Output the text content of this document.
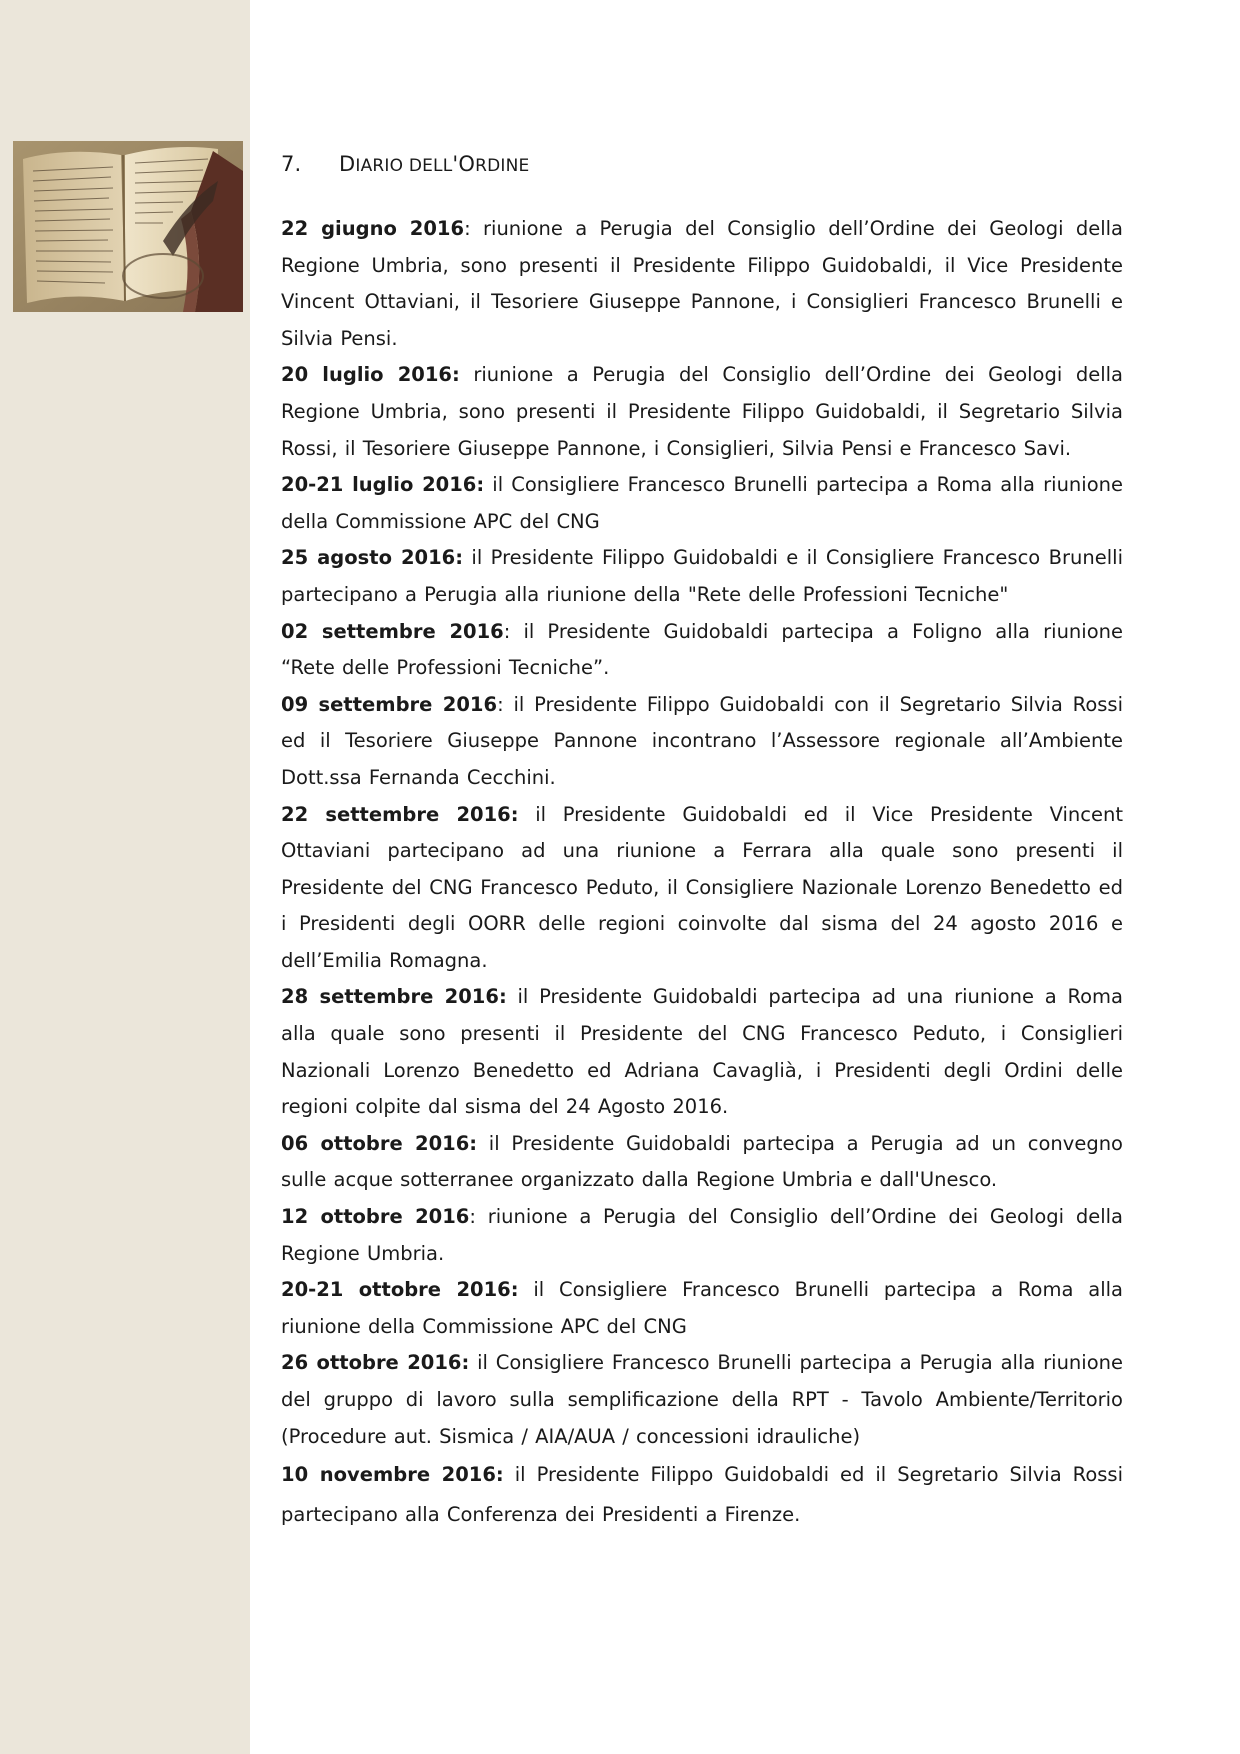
7. DIARIO DELL'ORDINE

22 giugno 2016: riunione a Perugia del Consiglio dell’Ordine dei Geologi della Regione Umbria, sono presenti il Presidente Filippo Guidobaldi, il Vice Presidente Vincent Ottaviani, il Tesoriere Giuseppe Pannone, i Consiglieri Francesco Brunelli e Silvia Pensi.

20 luglio 2016: riunione a Perugia del Consiglio dell’Ordine dei Geologi della Regione Umbria, sono presenti il Presidente Filippo Guidobaldi, il Segretario Silvia Rossi, il Tesoriere Giuseppe Pannone, i Consiglieri, Silvia Pensi e Francesco Savi.

20-21 luglio 2016: il Consigliere Francesco Brunelli partecipa a Roma alla riunione della Commissione APC del CNG

25 agosto 2016: il Presidente Filippo Guidobaldi e il Consigliere Francesco Brunelli partecipano a Perugia alla riunione della "Rete delle Professioni Tecniche"

02 settembre 2016: il Presidente Guidobaldi partecipa a Foligno alla riunione “Rete delle Professioni Tecniche”.

09 settembre 2016: il Presidente Filippo Guidobaldi con il Segretario Silvia Rossi ed il Tesoriere Giuseppe Pannone incontrano l’Assessore regionale all’Ambiente Dott.ssa Fernanda Cecchini.

22 settembre 2016: il Presidente Guidobaldi ed il Vice Presidente Vincent Ottaviani partecipano ad una riunione a Ferrara alla quale sono presenti il Presidente del CNG Francesco Peduto, il Consigliere Nazionale Lorenzo Benedetto ed i Presidenti degli OORR delle regioni coinvolte dal sisma del 24 agosto 2016 e dell’Emilia Romagna.

28 settembre 2016: il Presidente Guidobaldi partecipa ad una riunione a Roma alla quale sono presenti il Presidente del CNG Francesco Peduto, i Consiglieri Nazionali Lorenzo Benedetto ed Adriana Cavaglià, i Presidenti degli Ordini delle regioni colpite dal sisma del 24 Agosto 2016.

06 ottobre 2016: il Presidente Guidobaldi partecipa a Perugia ad un convegno sulle acque sotterranee organizzato dalla Regione Umbria e dall'Unesco.

12 ottobre 2016: riunione a Perugia del Consiglio dell’Ordine dei Geologi della Regione Umbria.

20-21 ottobre 2016: il Consigliere Francesco Brunelli partecipa a Roma alla riunione della Commissione APC del CNG

26 ottobre 2016: il Consigliere Francesco Brunelli partecipa a Perugia alla riunione del gruppo di lavoro sulla semplificazione della RPT - Tavolo Ambiente/Territorio (Procedure aut. Sismica / AIA/AUA / concessioni idrauliche)

10 novembre 2016: il Presidente Filippo Guidobaldi ed il Segretario Silvia Rossi partecipano alla Conferenza dei Presidenti a Firenze.
